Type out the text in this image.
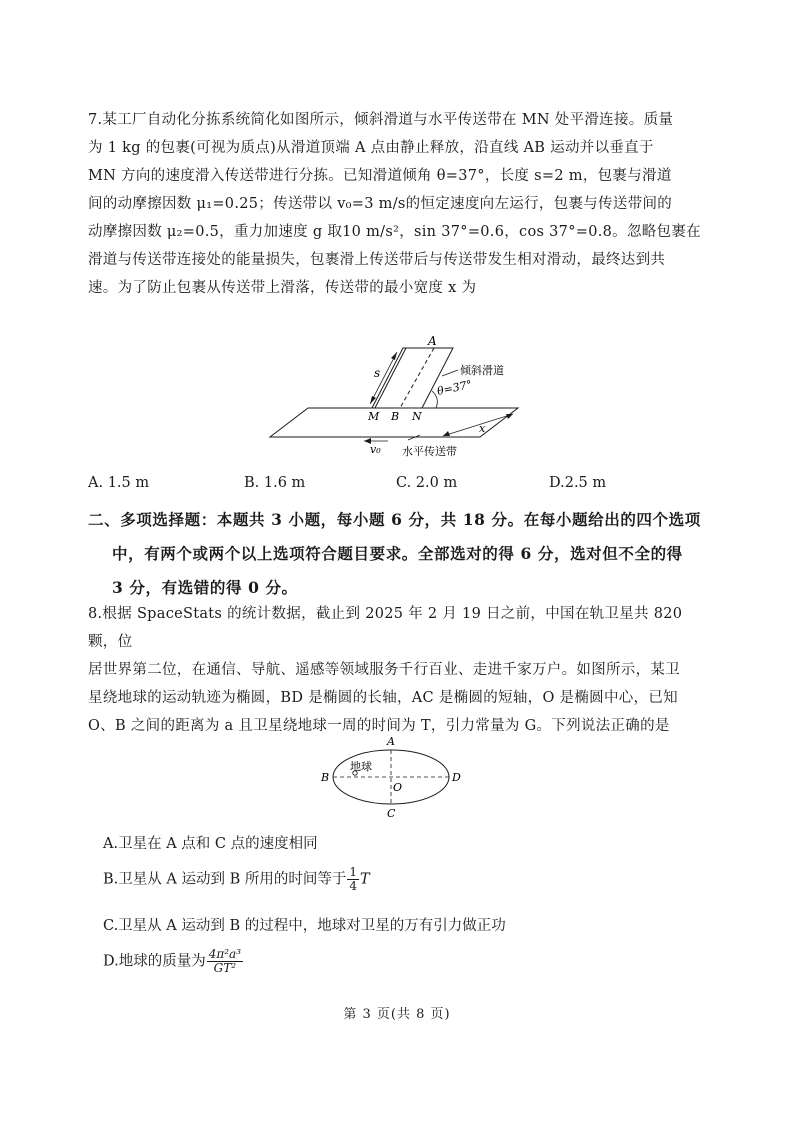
7.某工厂自动化分拣系统简化如图所示，倾斜滑道与水平传送带在 MN 处平滑连接。质量
为 1 kg 的包裹(可视为质点)从滑道顶端 A 点由静止释放，沿直线 AB 运动并以垂直于
MN 方向的速度滑入传送带进行分拣。已知滑道倾角 θ=37°，长度 s=2 m，包裹与滑道
间的动摩擦因数 μ₁=0.25；传送带以 v₀=3 m/s的恒定速度向左运行，包裹与传送带间的
动摩擦因数 μ₂=0.5，重力加速度 g 取10 m/s²，sin 37°=0.6，cos 37°=0.8。忽略包裹在
滑道与传送带连接处的能量损失，包裹滑上传送带后与传送带发生相对滑动，最终达到共
速。为了防止包裹从传送带上滑落，传送带的最小宽度 x 为
A
s	倾斜滑道
θ=37°
M B N
x
v₀ 水平传送带
A. 1.5 m	B. 1.6 m	C. 2.0 m	D.2.5 m
二、多项选择题：本题共 3 小题，每小题 6 分，共 18 分。在每小题给出的四个选项
中，有两个或两个以上选项符合题目要求。全部选对的得 6 分，选对但不全的得
3 分，有选错的得 0 分。
8.根据 SpaceStats 的统计数据，截止到 2025 年 2 月 19 日之前，中国在轨卫星共 820 颗，位
居世界第二位，在通信、导航、遥感等领域服务千行百业、走进千家万户。如图所示，某卫
星绕地球的运动轨迹为椭圆，BD 是椭圆的长轴，AC 是椭圆的短轴，O 是椭圆中心，已知
O、B 之间的距离为 a 且卫星绕地球一周的时间为 T，引力常量为 G。下列说法正确的是
A
B
C
D
O
地球
A.卫星在 A 点和 C 点的速度相同
B.卫星从 A 运动到 B 所用的时间等于 $\frac{1}{4}$ T
C.卫星从 A 运动到 B 的过程中，地球对卫星的万有引力做正功
D.地球的质量为 $\frac{\text{4π²a³}}{\text{GT²}}$
第 3 页(共 8 页)
